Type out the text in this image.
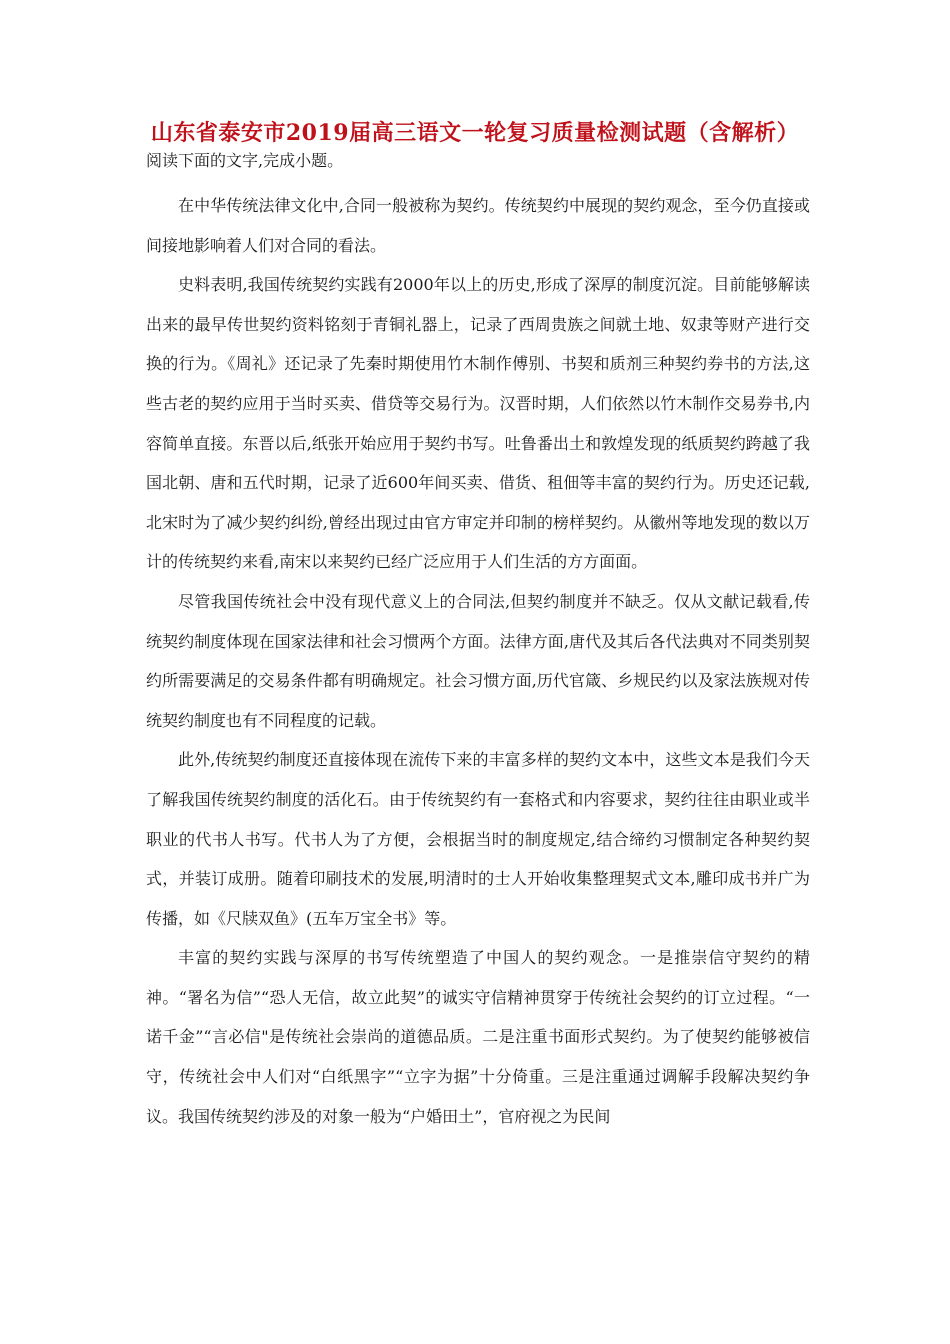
山东省泰安市2019届高三语文一轮复习质量检测试题（含解析）

阅读下面的文字,完成小题。

在中华传统法律文化中,合同一般被称为契约。传统契约中展现的契约观念，至今仍直接或间接地影响着人们对合同的看法。

史料表明,我国传统契约实践有2000年以上的历史,形成了深厚的制度沉淀。目前能够解读出来的最早传世契约资料铭刻于青铜礼器上，记录了西周贵族之间就土地、奴隶等财产进行交换的行为。《周礼》还记录了先秦时期使用竹木制作傅别、书契和质剂三种契约券书的方法,这些古老的契约应用于当时买卖、借贷等交易行为。汉晋时期，人们依然以竹木制作交易券书,内容简单直接。东晋以后,纸张开始应用于契约书写。吐鲁番出土和敦煌发现的纸质契约跨越了我国北朝、唐和五代时期，记录了近600年间买卖、借货、租佃等丰富的契约行为。历史还记载,北宋时为了减少契约纠纷,曾经出现过由官方审定并印制的榜样契约。从徽州等地发现的数以万计的传统契约来看,南宋以来契约已经广泛应用于人们生活的方方面面。

尽管我国传统社会中没有现代意义上的合同法,但契约制度并不缺乏。仅从文献记载看,传统契约制度体现在国家法律和社会习惯两个方面。法律方面,唐代及其后各代法典对不同类别契约所需要满足的交易条件都有明确规定。社会习惯方面,历代官箴、乡规民约以及家法族规对传统契约制度也有不同程度的记载。

此外,传统契约制度还直接体现在流传下来的丰富多样的契约文本中，这些文本是我们今天了解我国传统契约制度的活化石。由于传统契约有一套格式和内容要求，契约往往由职业或半职业的代书人书写。代书人为了方便，会根据当时的制度规定,结合缔约习惯制定各种契约契式，并装订成册。随着印刷技术的发展,明清时的士人开始收集整理契式文本,雕印成书并广为传播，如《尺牍双鱼》(五车万宝全书》等。

丰富的契约实践与深厚的书写传统塑造了中国人的契约观念。一是推崇信守契约的精神。“署名为信”“恐人无信，故立此契”的诚实守信精神贯穿于传统社会契约的订立过程。“一诺千金”“言必信"是传统社会崇尚的道德品质。二是注重书面形式契约。为了使契约能够被信守，传统社会中人们对“白纸黑字”“立字为据”十分倚重。三是注重通过调解手段解决契约争议。我国传统契约涉及的对象一般为“户婚田土”，官府视之为民间
